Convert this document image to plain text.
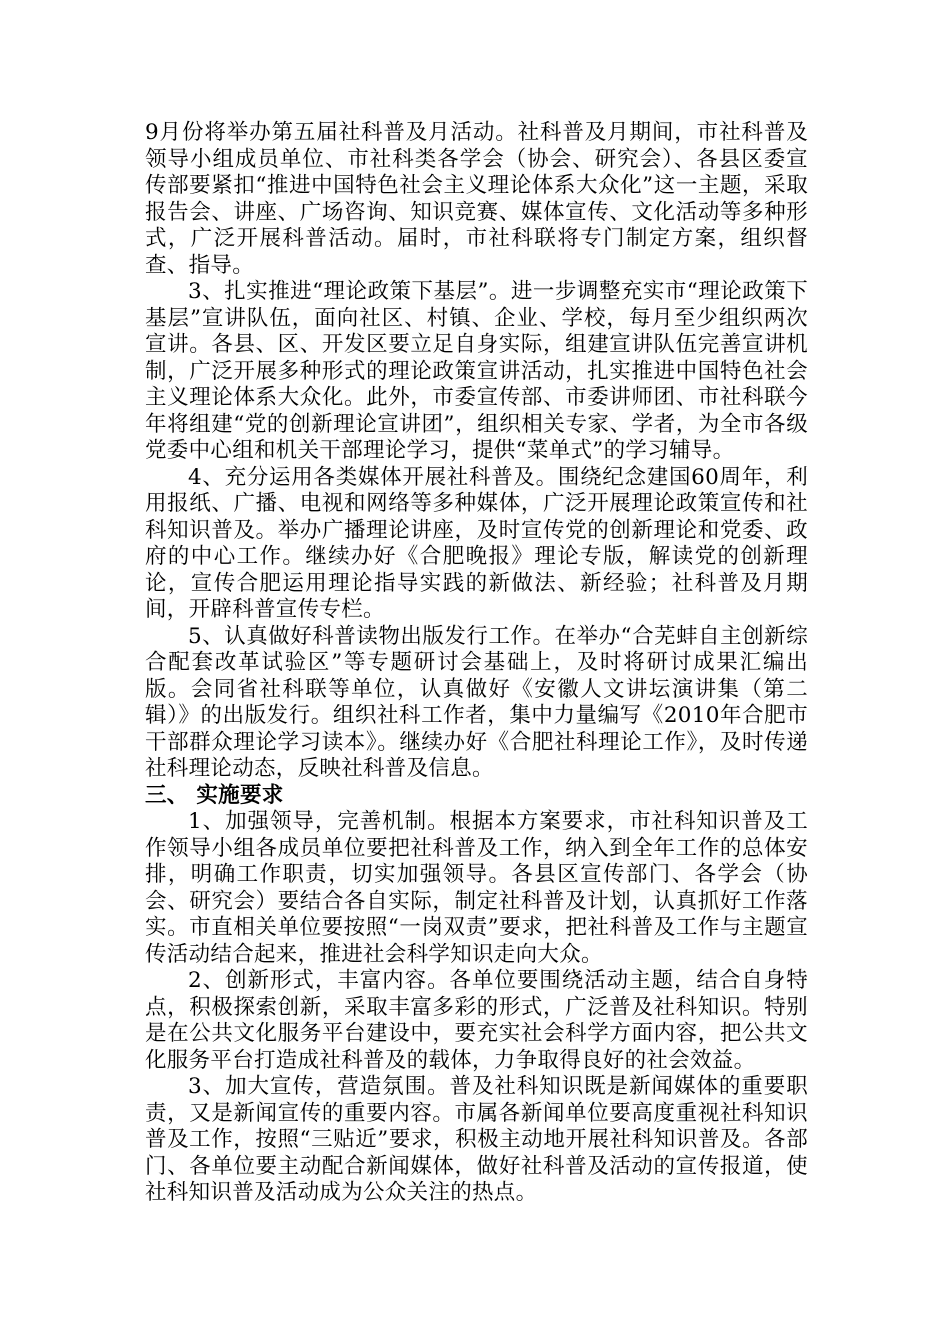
9月份将举办第五届社科普及月活动。社科普及月期间，市社科普及领导小组成员单位、市社科类各学会（协会、研究会）、各县区委宣传部要紧扣“推进中国特色社会主义理论体系大众化”这一主题，采取报告会、讲座、广场咨询、知识竞赛、媒体宣传、文化活动等多种形式，广泛开展科普活动。届时，市社科联将专门制定方案，组织督查、指导。

3、扎实推进“理论政策下基层”。进一步调整充实市“理论政策下基层”宣讲队伍，面向社区、村镇、企业、学校，每月至少组织两次宣讲。各县、区、开发区要立足自身实际，组建宣讲队伍完善宣讲机制，广泛开展多种形式的理论政策宣讲活动，扎实推进中国特色社会主义理论体系大众化。此外，市委宣传部、市委讲师团、市社科联今年将组建“党的创新理论宣讲团”，组织相关专家、学者，为全市各级党委中心组和机关干部理论学习，提供“菜单式”的学习辅导。

4、充分运用各类媒体开展社科普及。围绕纪念建国60周年，利用报纸、广播、电视和网络等多种媒体，广泛开展理论政策宣传和社科知识普及。举办广播理论讲座，及时宣传党的创新理论和党委、政府的中心工作。继续办好《合肥晚报》理论专版，解读党的创新理论，宣传合肥运用理论指导实践的新做法、新经验；社科普及月期间，开辟科普宣传专栏。

5、认真做好科普读物出版发行工作。在举办“合芜蚌自主创新综合配套改革试验区”等专题研讨会基础上，及时将研讨成果汇编出版。会同省社科联等单位，认真做好《安徽人文讲坛演讲集（第二辑）》的出版发行。组织社科工作者，集中力量编写《2010年合肥市干部群众理论学习读本》。继续办好《合肥社科理论工作》，及时传递社科理论动态，反映社科普及信息。

三、 实施要求

1、加强领导，完善机制。根据本方案要求，市社科知识普及工作领导小组各成员单位要把社科普及工作，纳入到全年工作的总体安排，明确工作职责，切实加强领导。各县区宣传部门、各学会（协会、研究会）要结合各自实际，制定社科普及计划，认真抓好工作落实。市直相关单位要按照“一岗双责”要求，把社科普及工作与主题宣传活动结合起来，推进社会科学知识走向大众。

2、创新形式，丰富内容。各单位要围绕活动主题，结合自身特点，积极探索创新，采取丰富多彩的形式，广泛普及社科知识。特别是在公共文化服务平台建设中，要充实社会科学方面内容，把公共文化服务平台打造成社科普及的载体，力争取得良好的社会效益。

3、加大宣传，营造氛围。普及社科知识既是新闻媒体的重要职责，又是新闻宣传的重要内容。市属各新闻单位要高度重视社科知识普及工作，按照“三贴近”要求，积极主动地开展社科知识普及。各部门、各单位要主动配合新闻媒体，做好社科普及活动的宣传报道，使社科知识普及活动成为公众关注的热点。
